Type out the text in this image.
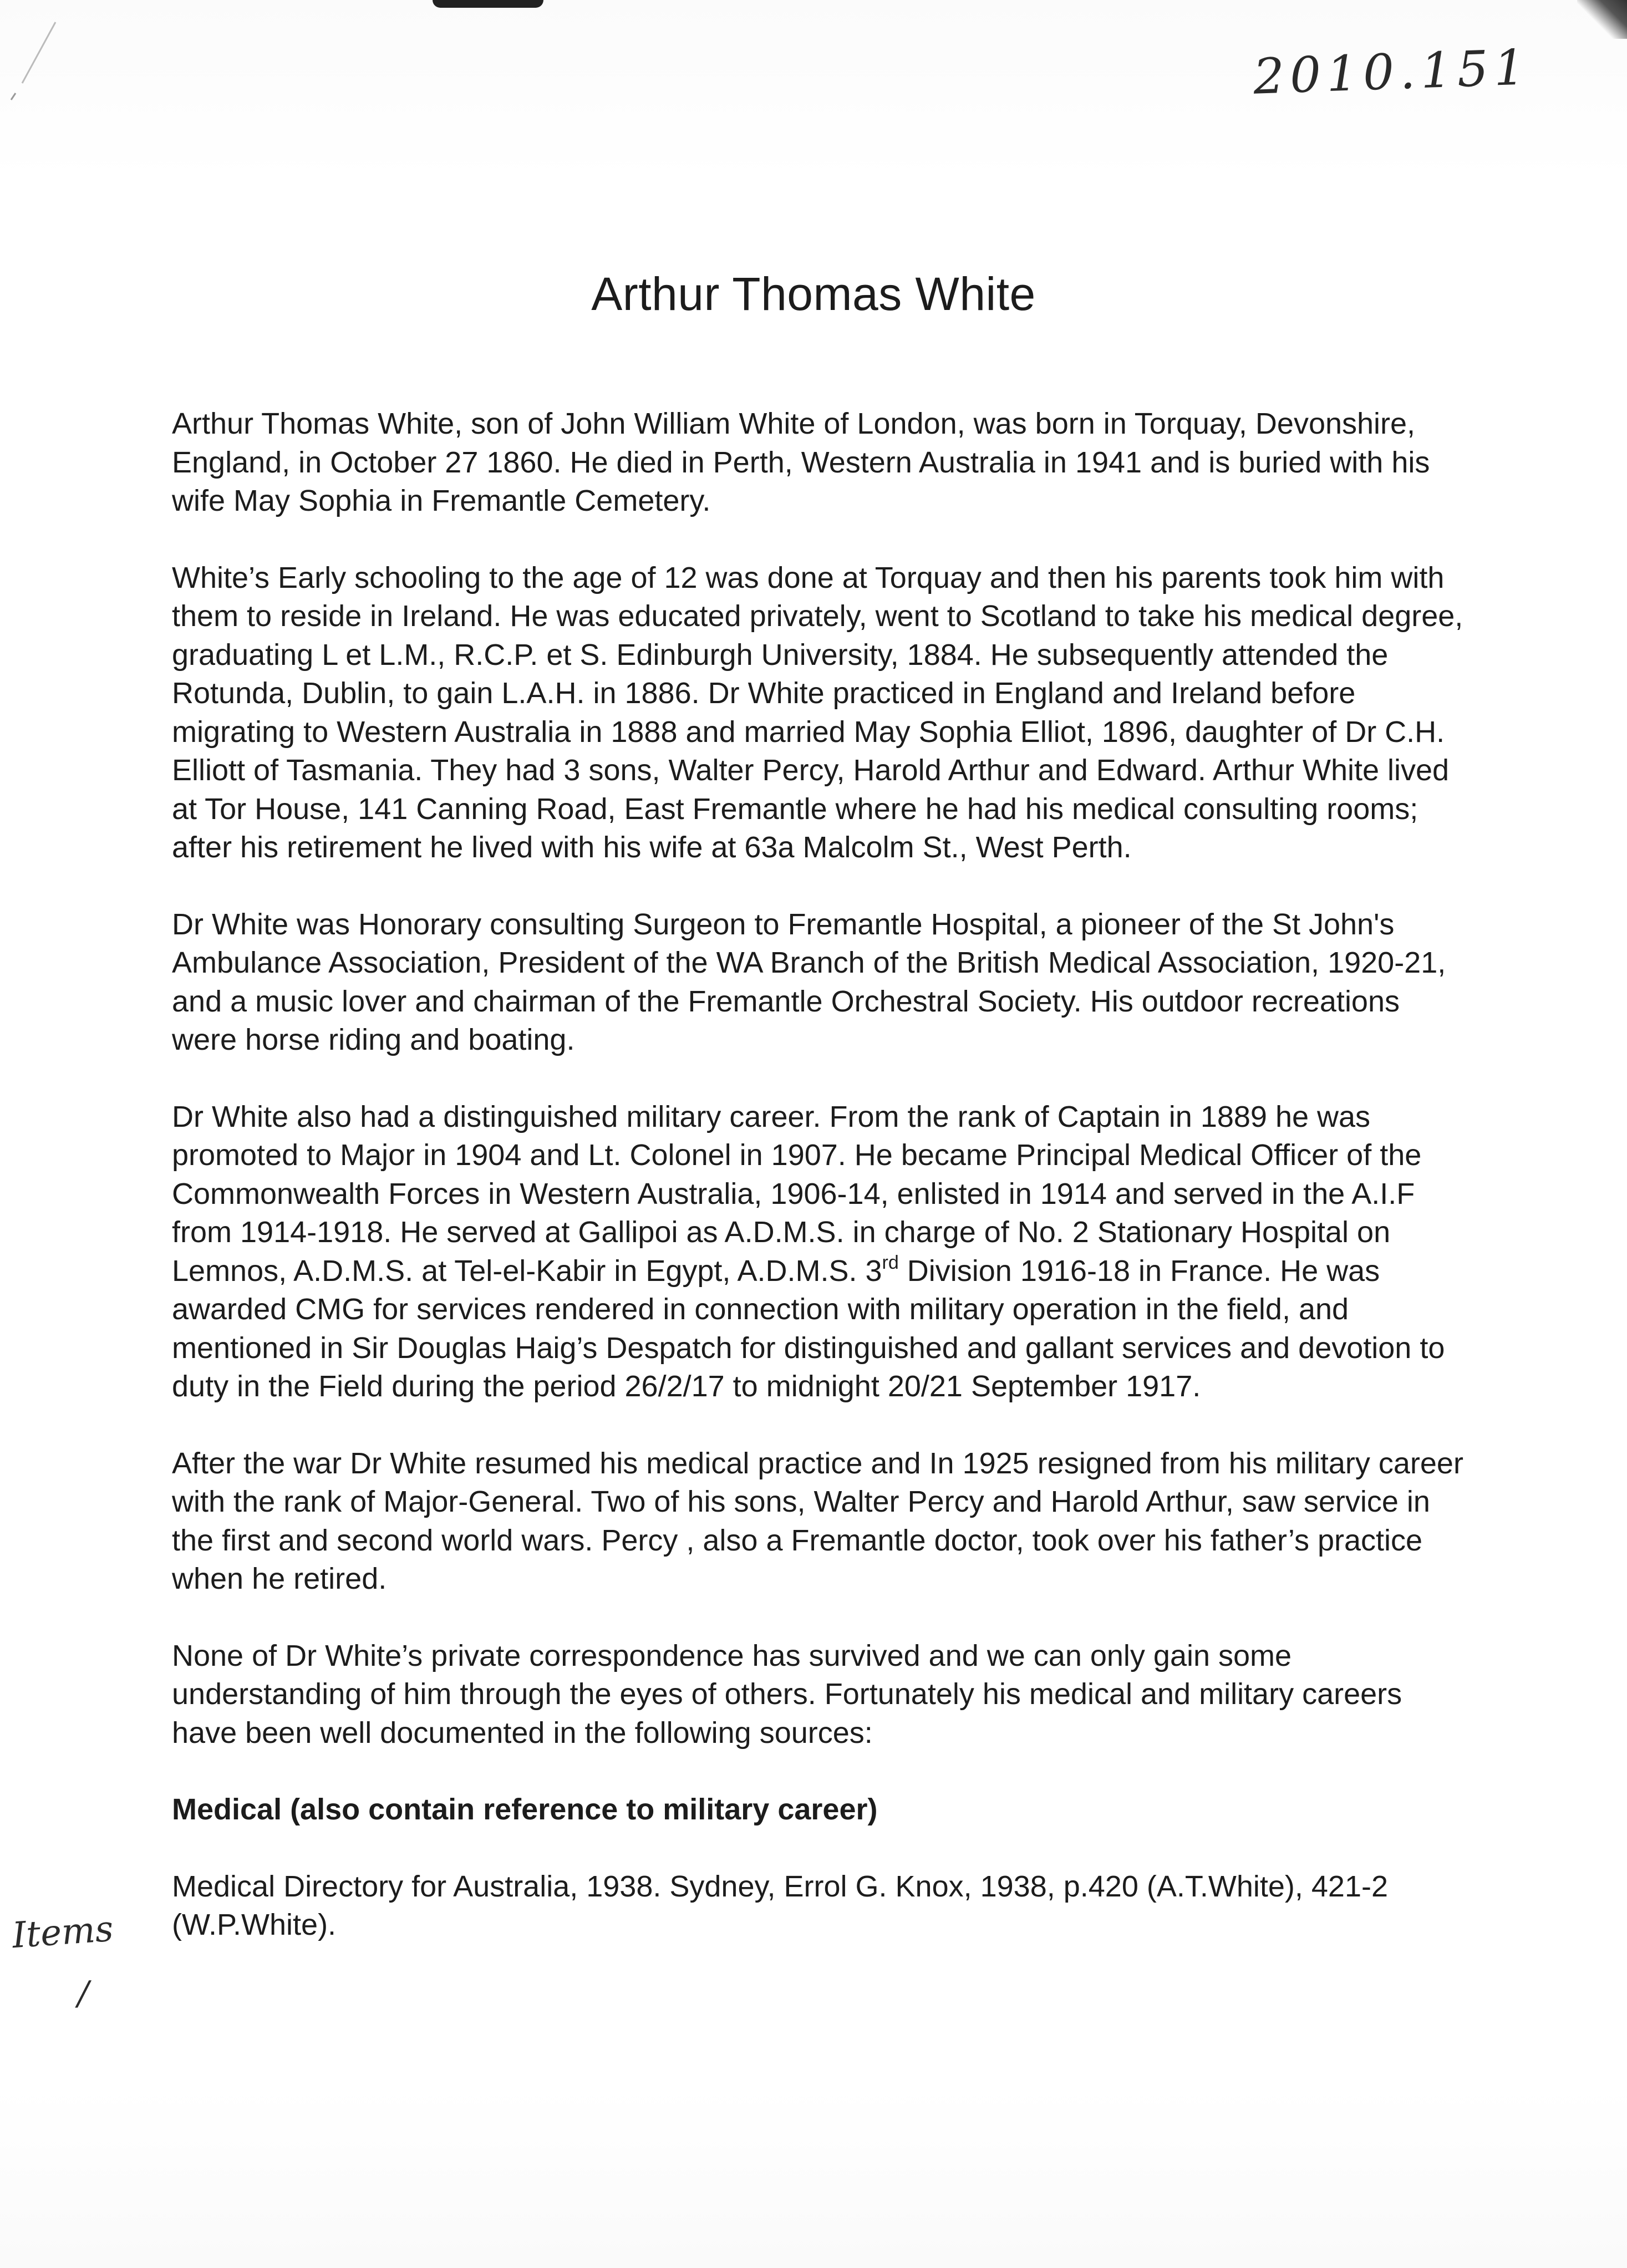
2010.151
Arthur Thomas White

Arthur Thomas White, son of John William White of London, was born in Torquay, Devonshire, England, in October 27 1860. He died in Perth, Western Australia in 1941 and is buried with his wife May Sophia in Fremantle Cemetery.

White’s Early schooling to the age of 12 was done at Torquay and then his parents took him with them to reside in Ireland. He was educated privately, went to Scotland to take his medical degree, graduating L et L.M., R.C.P. et S. Edinburgh University, 1884. He subsequently attended the Rotunda, Dublin, to gain L.A.H. in 1886. Dr White practiced in England and Ireland before migrating to Western Australia in 1888 and married May Sophia Elliot, 1896, daughter of Dr C.H. Elliott of Tasmania. They had 3 sons, Walter Percy, Harold Arthur and Edward. Arthur White lived at Tor House, 141 Canning Road, East Fremantle where he had his medical consulting rooms; after his retirement he lived with his wife at 63a Malcolm St., West Perth.

Dr White was Honorary consulting Surgeon to Fremantle Hospital, a pioneer of the St John's Ambulance Association, President of the WA Branch of the British Medical Association, 1920-21, and a music lover and chairman of the Fremantle Orchestral Society. His outdoor recreations were horse riding and boating.

Dr White also had a distinguished military career. From the rank of Captain in 1889 he was promoted to Major in 1904 and Lt. Colonel in 1907. He became Principal Medical Officer of the Commonwealth Forces in Western Australia, 1906-14, enlisted in 1914 and served in the A.I.F from 1914-1918. He served at Gallipoi as A.D.M.S. in charge of No. 2 Stationary Hospital on Lemnos, A.D.M.S. at Tel-el-Kabir in Egypt, A.D.M.S. 3rd Division 1916-18 in France. He was awarded CMG for services rendered in connection with military operation in the field, and mentioned in Sir Douglas Haig’s Despatch for distinguished and gallant services and devotion to duty in the Field during the period 26/2/17 to midnight 20/21 September 1917.

After the war Dr White resumed his medical practice and In 1925 resigned from his military career with the rank of Major-General. Two of his sons, Walter Percy and Harold Arthur, saw service in the first and second world wars. Percy , also a Fremantle doctor, took over his father’s practice when he retired.

None of Dr White’s private correspondence has survived and we can only gain some understanding of him through the eyes of others. Fortunately his medical and military careers have been well documented in the following sources:

Medical (also contain reference to military career)

Medical Directory for Australia, 1938. Sydney, Errol G. Knox, 1938, p.420 (A.T.White), 421-2 (W.P.White).

Items
/
